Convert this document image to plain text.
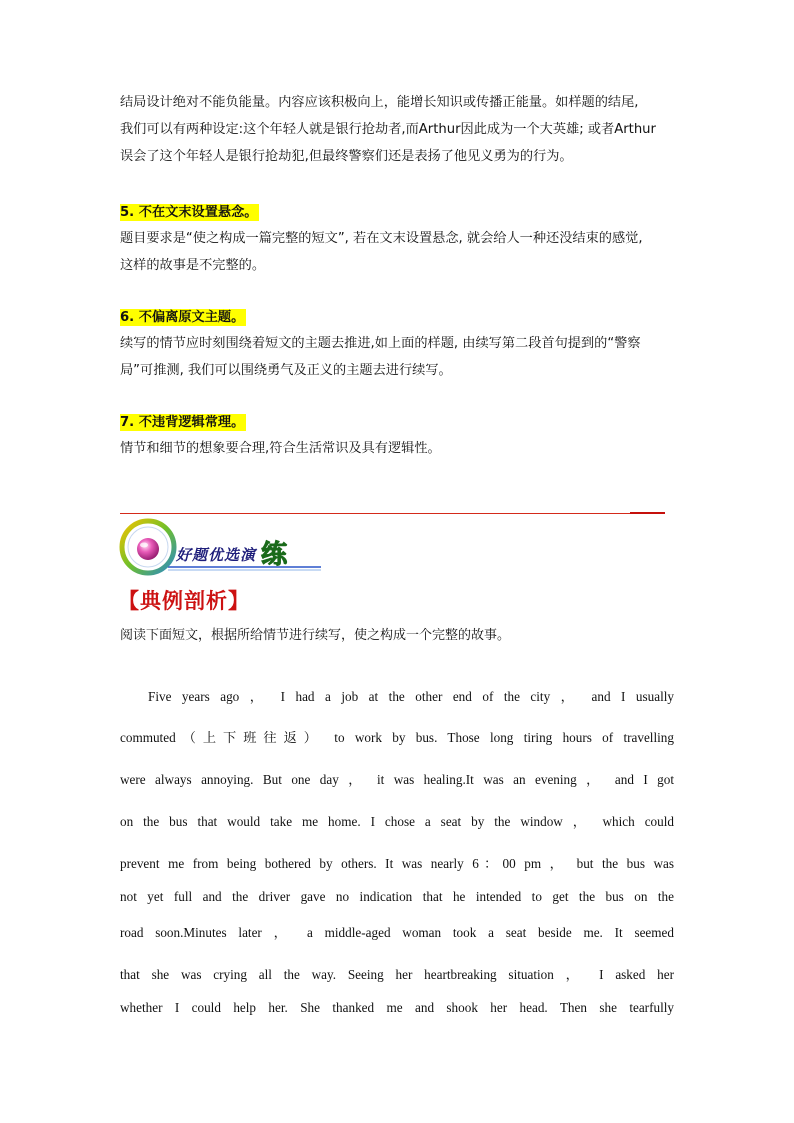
结局设计绝对不能负能量。内容应该积极向上，能增长知识或传播正能量。如样题的结尾,

我们可以有两种设定:这个年轻人就是银行抢劫者,而Arthur因此成为一个大英雄; 或者Arthur

误会了这个年轻人是银行抢劫犯,但最终警察们还是表扬了他见义勇为的行为。

5. 不在文末设置悬念。

题目要求是“使之构成一篇完整的短文”, 若在文末设置悬念, 就会给人一种还没结束的感觉,

这样的故事是不完整的。

6. 不偏离原文主题。

续写的情节应时刻围绕着短文的主题去推进,如上面的样题, 由续写第二段首句提到的“警察

局”可推测, 我们可以围绕勇气及正义的主题去进行续写。

7. 不违背逻辑常理。

情节和细节的想象要合理,符合生活常识及具有逻辑性。

好题优选演 练
【典例剖析】
阅读下面短文，根据所给情节进行续写，使之构成一个完整的故事。
Five years ago ， I had a job at the other end of the city ， and I usually
commuted（上下班往返） to work by bus. Those long tiring hours of travelling
were always annoying. But one day ， it was healing.It was an evening ， and I got
on the bus that would take me home. I chose a seat by the window ， which could
prevent me from being bothered by others. It was nearly 6：00 pm ， but the bus was
not yet full and the driver gave no indication that he intended to get the bus on the
road soon.Minutes later ， a middle-aged woman took a seat beside me. It seemed
that she was crying all the way. Seeing her heartbreaking situation ， I asked her
whether I could help her. She thanked me and shook her head. Then she tearfully
